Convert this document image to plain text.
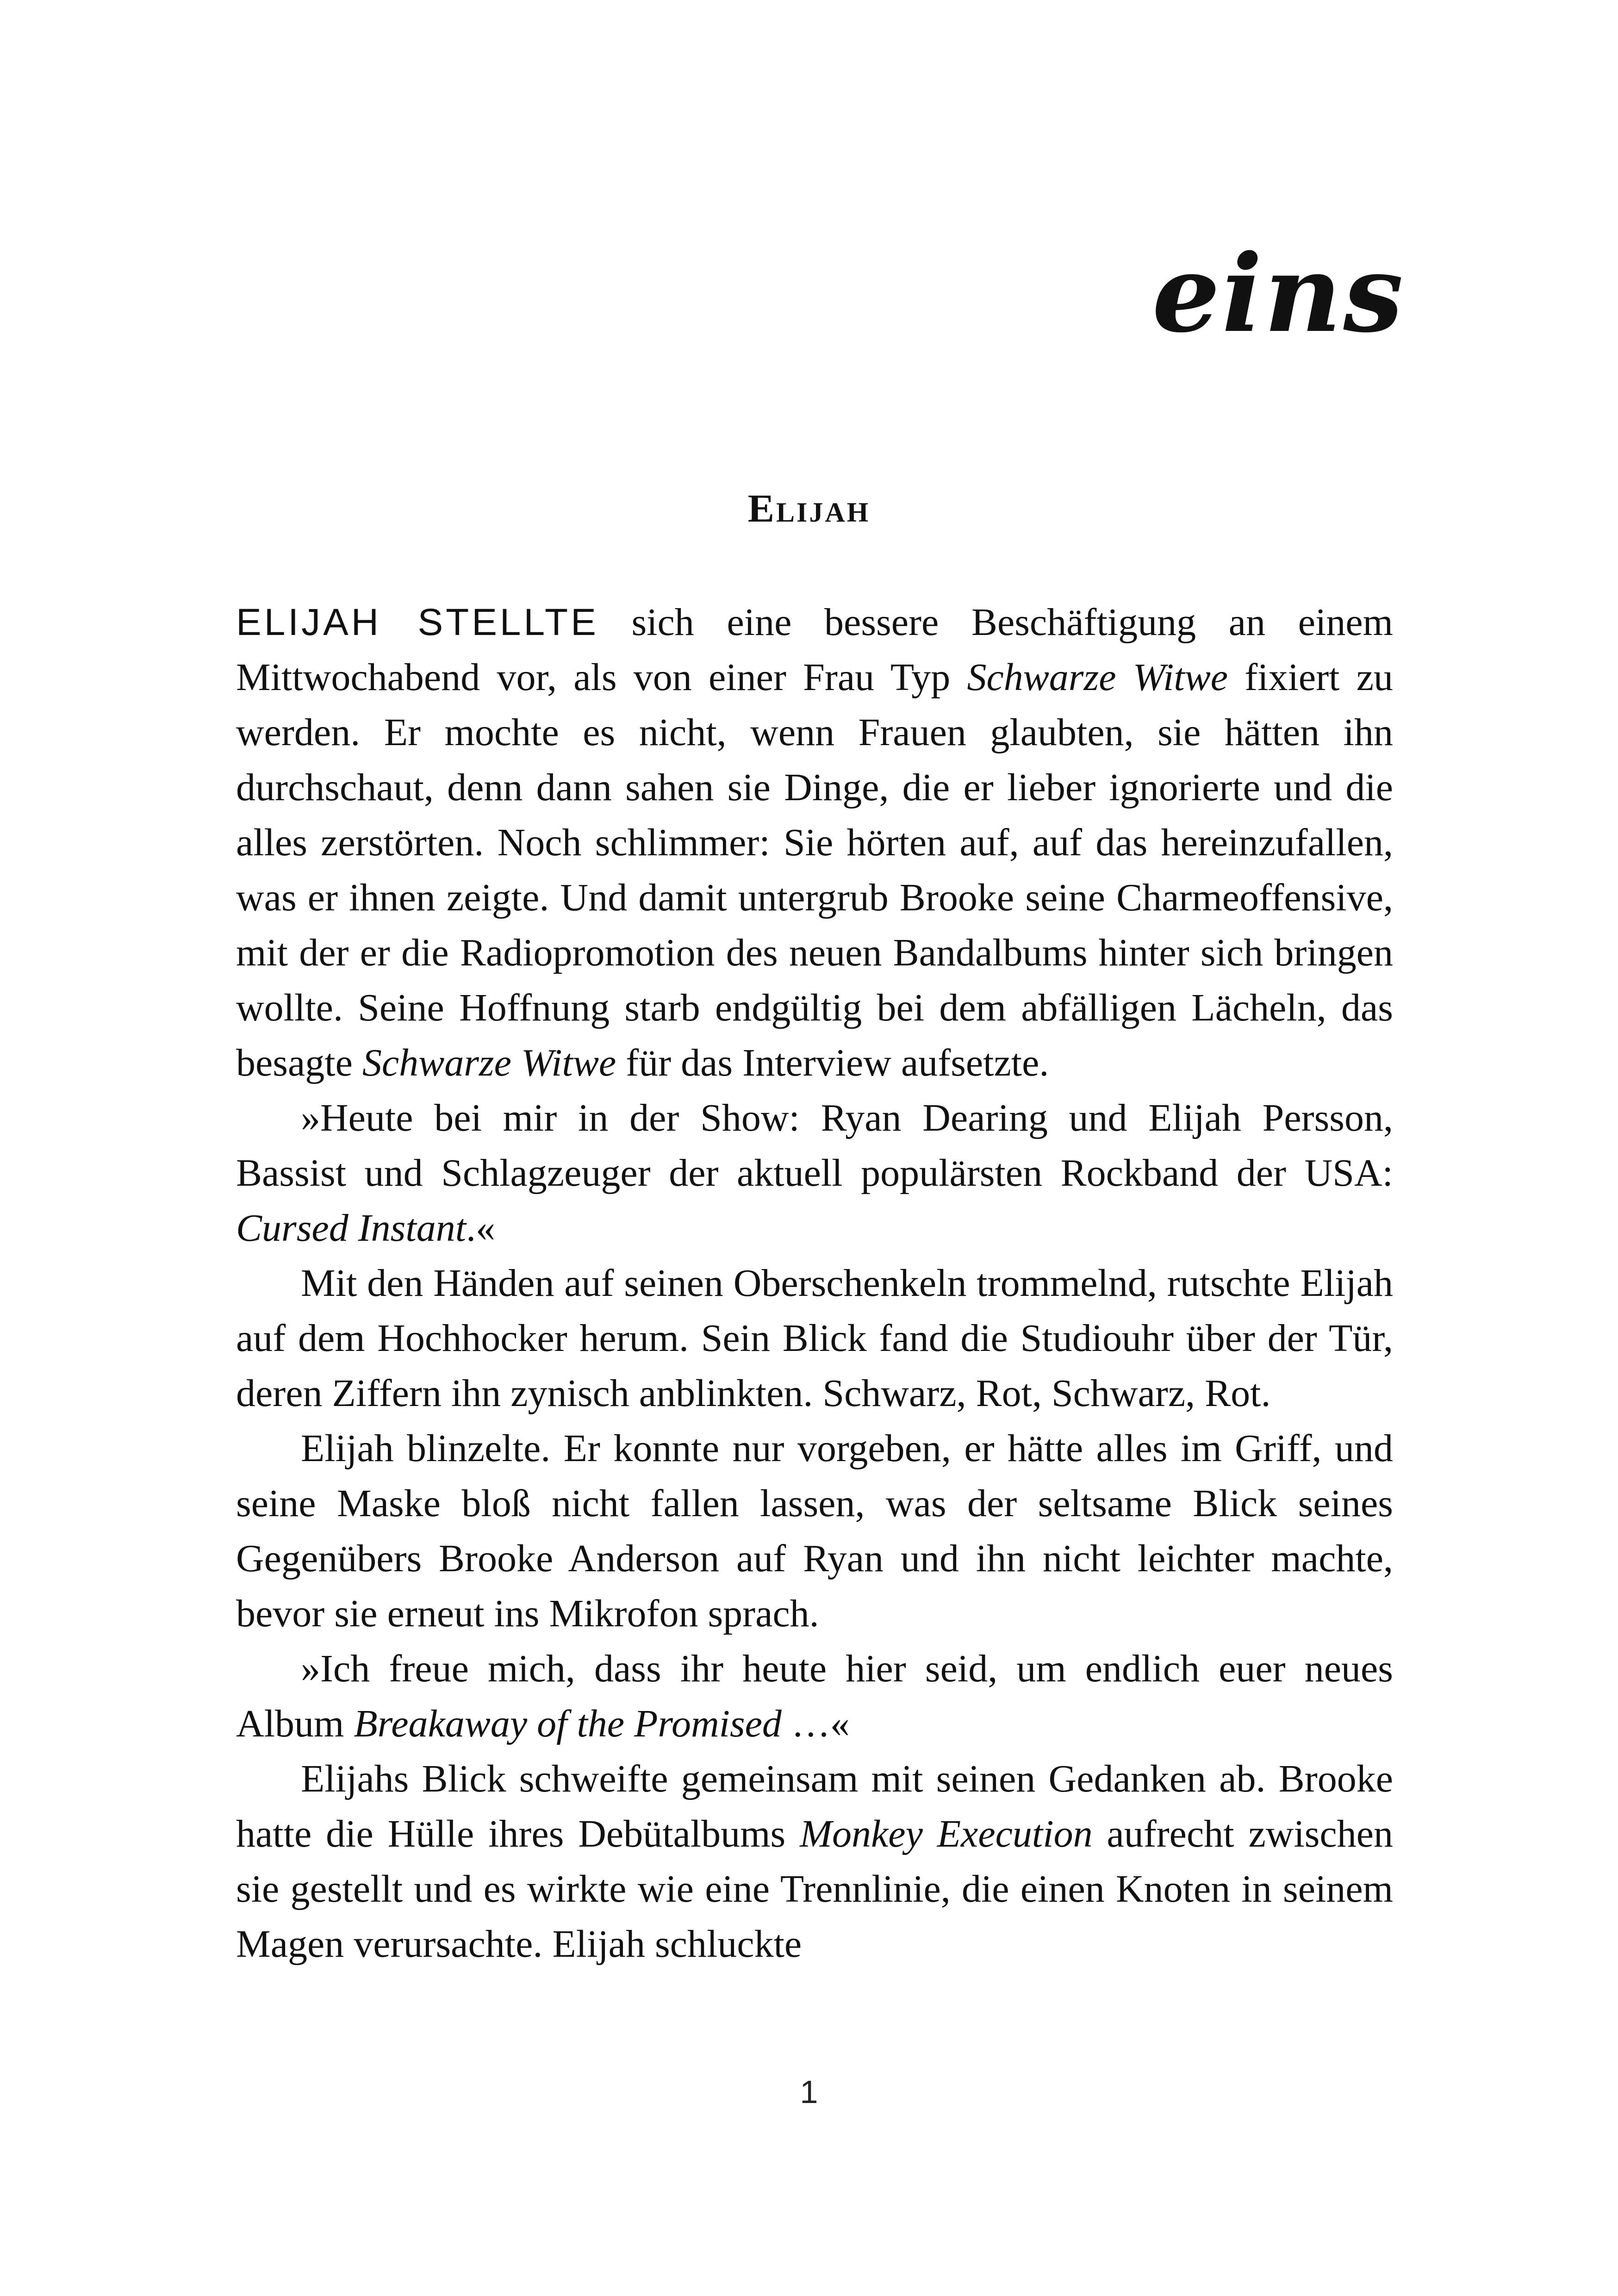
eins
Elijah

ELIJAH STELLTE sich eine bessere Beschäftigung an einem Mittwochabend vor, als von einer Frau Typ Schwarze Witwe fixiert zu werden. Er mochte es nicht, wenn Frauen glaubten, sie hätten ihn durchschaut, denn dann sahen sie Dinge, die er lieber ignorierte und die alles zerstörten. Noch schlimmer: Sie hörten auf, auf das hereinzufallen, was er ihnen zeigte. Und damit untergrub Brooke seine Charmeoffensive, mit der er die Radiopromotion des neuen Bandalbums hinter sich bringen wollte. Seine Hoffnung starb endgültig bei dem abfälligen Lächeln, das besagte Schwarze Witwe für das Interview aufsetzte.

»Heute bei mir in der Show: Ryan Dearing und Elijah Persson, Bassist und Schlagzeuger der aktuell populärsten Rockband der USA: Cursed Instant.«

Mit den Händen auf seinen Oberschenkeln trommelnd, rutschte Elijah auf dem Hochhocker herum. Sein Blick fand die Studiouhr über der Tür, deren Ziffern ihn zynisch anblinkten. Schwarz, Rot, Schwarz, Rot.

Elijah blinzelte. Er konnte nur vorgeben, er hätte alles im Griff, und seine Maske bloß nicht fallen lassen, was der seltsame Blick seines Gegenübers Brooke Anderson auf Ryan und ihn nicht leichter machte, bevor sie erneut ins Mikrofon sprach.

»Ich freue mich, dass ihr heute hier seid, um endlich euer neues Album Breakaway of the Promised …«

Elijahs Blick schweifte gemeinsam mit seinen Gedanken ab. Brooke hatte die Hülle ihres Debütalbums Monkey Execution aufrecht zwischen sie gestellt und es wirkte wie eine Trennlinie, die einen Knoten in seinem Magen verursachte. Elijah schluckte

1
